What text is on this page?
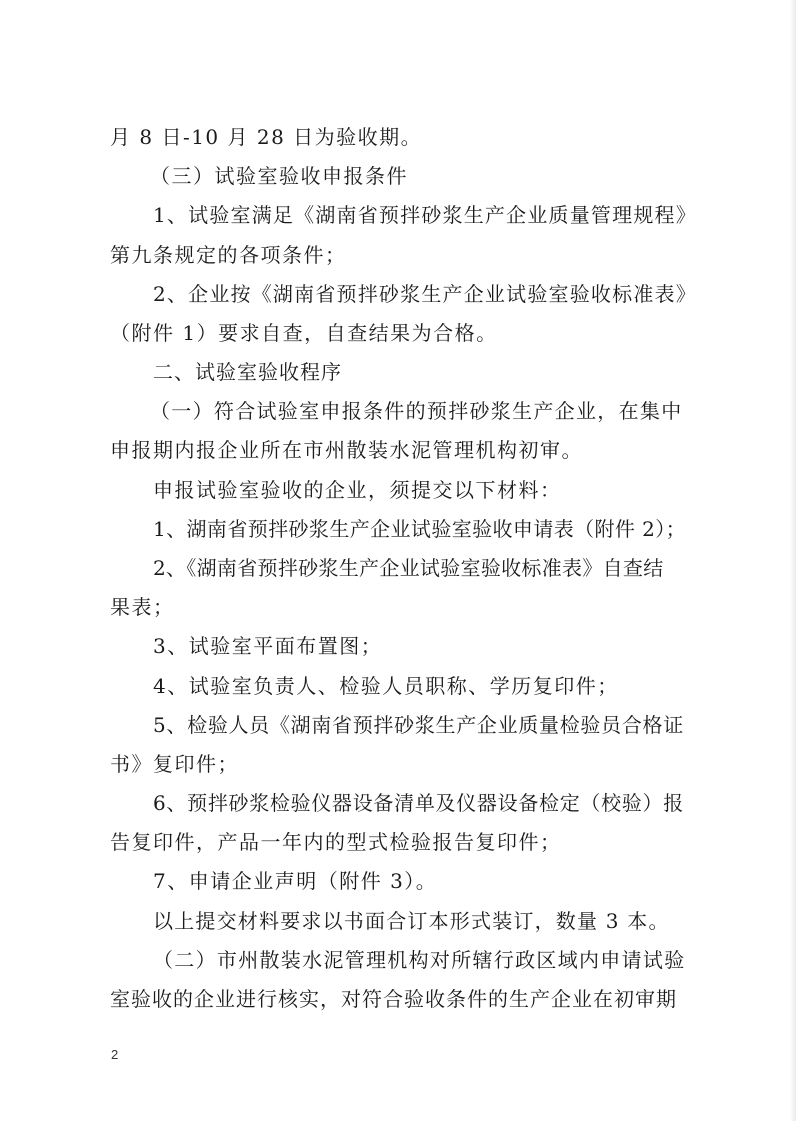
月 8 日-10 月 28 日为验收期。
（三）试验室验收申报条件
1、试验室满足《湖南省预拌砂浆生产企业质量管理规程》
第九条规定的各项条件；
2、企业按《湖南省预拌砂浆生产企业试验室验收标准表》
（附件 1）要求自查，自查结果为合格。
二、试验室验收程序
（一）符合试验室申报条件的预拌砂浆生产企业，在集中
申报期内报企业所在市州散装水泥管理机构初审。
申报试验室验收的企业，须提交以下材料：
1、湖南省预拌砂浆生产企业试验室验收申请表（附件 2）；
2、《湖南省预拌砂浆生产企业试验室验收标准表》自查结
果表；
3、试验室平面布置图；
4、试验室负责人、检验人员职称、学历复印件；
5、检验人员《湖南省预拌砂浆生产企业质量检验员合格证
书》复印件；
6、预拌砂浆检验仪器设备清单及仪器设备检定（校验）报
告复印件，产品一年内的型式检验报告复印件；
7、申请企业声明（附件 3）。
以上提交材料要求以书面合订本形式装订，数量 3 本。
（二）市州散装水泥管理机构对所辖行政区域内申请试验
室验收的企业进行核实，对符合验收条件的生产企业在初审期
2
